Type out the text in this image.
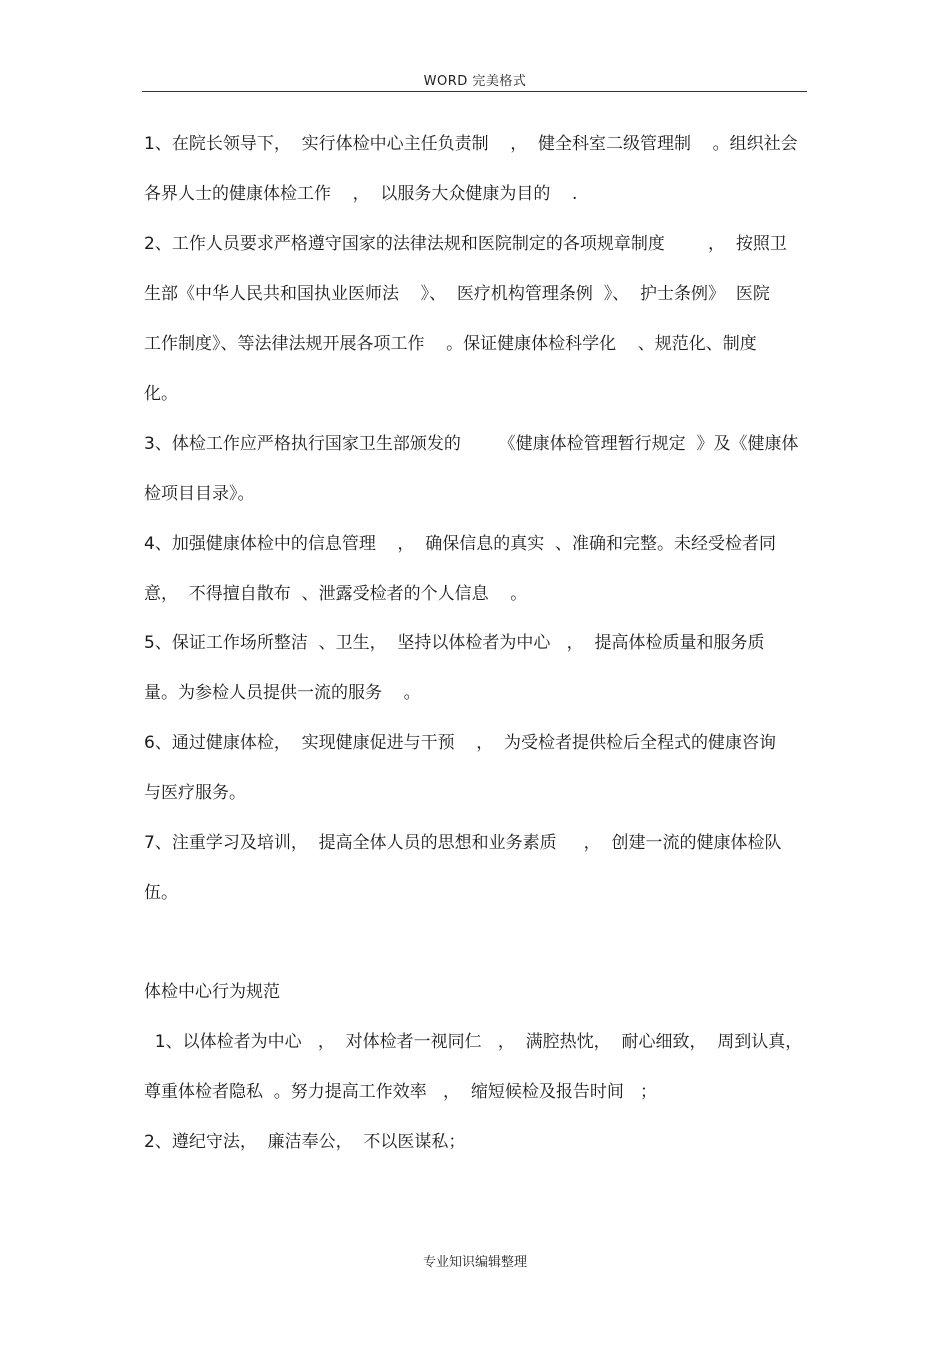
WORD 完美格式
1、在院长领导下，  实行体检中心主任负责制    ，  健全科室二级管理制    。组织社会
各界人士的健康体检工作    ，  以服务大众健康为目的    .
2、工作人员要求严格遵守国家的法律法规和医院制定的各项规章制度        ，  按照卫
生部《中华人民共和国执业医师法    》、  医疗机构管理条例  》、  护士条例》  医院
工作制度》、等法律法规开展各项工作    。保证健康体检科学化    、规范化、制度
化。
3、体检工作应严格执行国家卫生部颁发的       《健康体检管理暂行规定  》及《健康体
检项目目录》。
4、加强健康体检中的信息管理    ，  确保信息的真实  、准确和完整。未经受检者同
意，  不得擅自散布  、泄露受检者的个人信息    。
5、保证工作场所整洁  、卫生，  坚持以体检者为中心   ，  提高体检质量和服务质
量。为参检人员提供一流的服务    。
6、通过健康体检，  实现健康促进与干预    ，  为受检者提供检后全程式的健康咨询
与医疗服务。
7、注重学习及培训，  提高全体人员的思想和业务素质     ，  创建一流的健康体检队
伍。
体检中心行为规范
1、以体检者为中心   ，  对体检者一视同仁   ，  满腔热忱，  耐心细致，  周到认真，
尊重体检者隐私  。努力提高工作效率   ，  缩短候检及报告时间   ；
2、遵纪守法，  廉洁奉公，  不以医谋私；
专业知识编辑整理
